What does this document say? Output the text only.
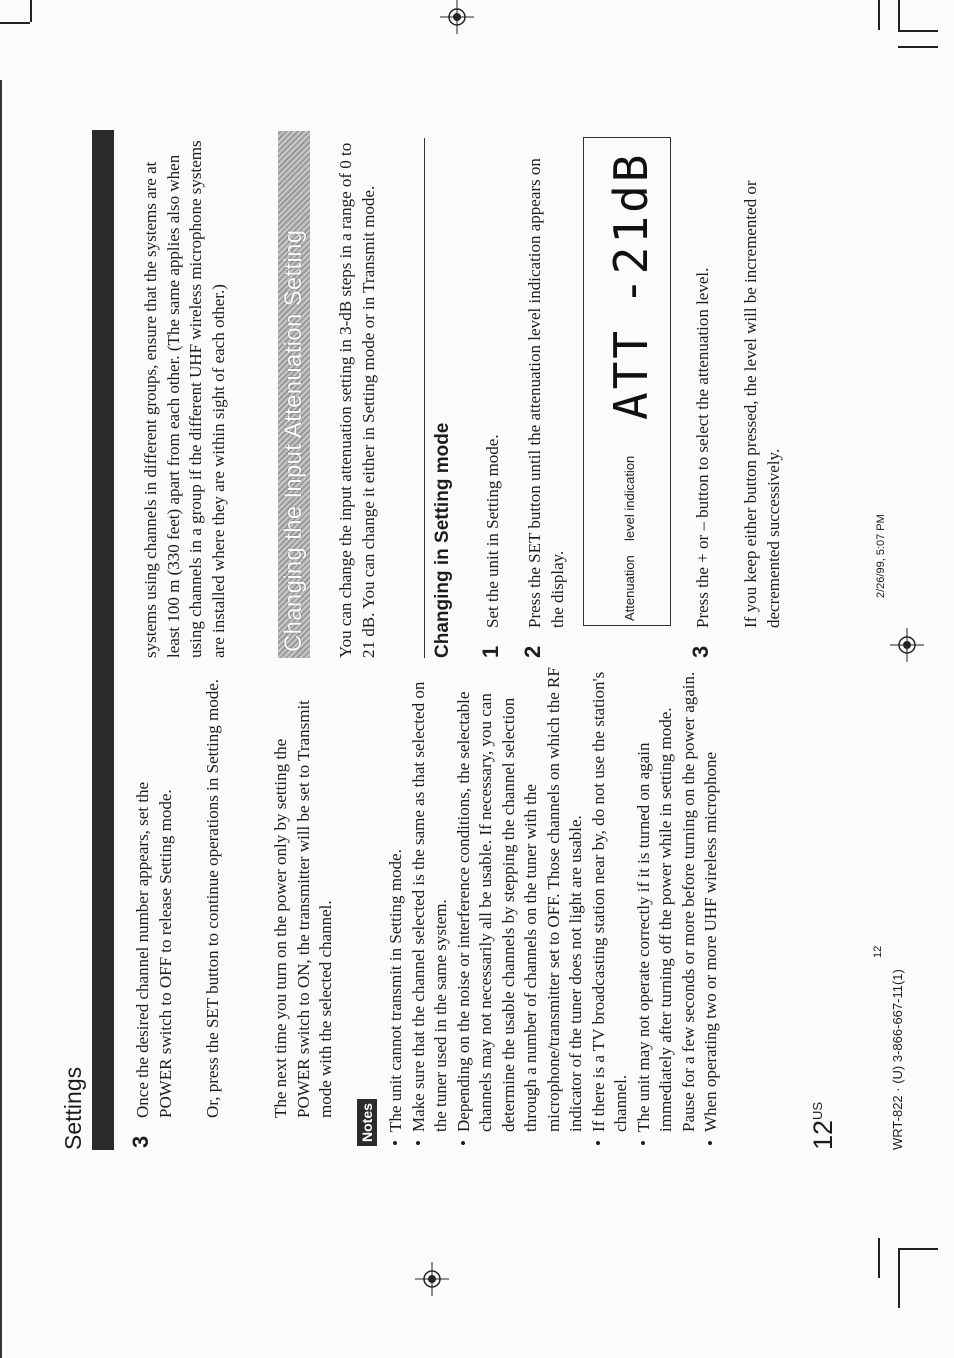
Settings 3
Once the desired channel number appears, set the POWER switch to OFF to release Setting mode. Or, press the SET button to continue operations in Setting mode.	The next time you turn on the power only by setting the POWER switch to ON, the transmitter will be set to Transmit mode with the selected channel.
Notes • The unit cannot transmit in Setting mode. • Make sure that the channel selected is the same as that selected on the tuner used in the same system. • Depending on the noise or interference conditions, the selectable channels may not necessarily all be usable. If necessary, you can determine the usable channels by stepping the channel selection through a number of channels on the tuner with the microphone/transmitter set to OFF. Those channels on which the RF indicator of the tuner does not light are usable. • If there is a TV broadcasting station near by, do not use the station's channel. • The unit may not operate correctly if it is turned on again immediately after turning off the power while in setting mode. Pause for a few seconds or more before turning on the power again. • When operating two or more UHF wireless microphone
$12^{US}$
systems using channels in different groups, ensure that the systems are at least 100 m (330 feet) apart from each other. (The same applies also when using channels in a group if the different UHF wireless microphone systems are installed where they are within sight of each other.) Changing the Input Attenuation Setting You can change the input attenuation setting in 3-dB steps in a range of 0 to 21 dB. You can change it either in Setting mode or in Transmit mode.	Changing in Setting mode 1
Set the unit in Setting mode.
2
Press the SET button until the attenuation level indication appears on the display.	Attenuation
level indication
ATT
-21dB
3
Press the + or – button to select the attenuation level. If you keep either button pressed, the level will be incremented or decremented successively.
WRT-822 · (U) 3-866-667-11(1)
12
2/26/99, 5:07 PM
